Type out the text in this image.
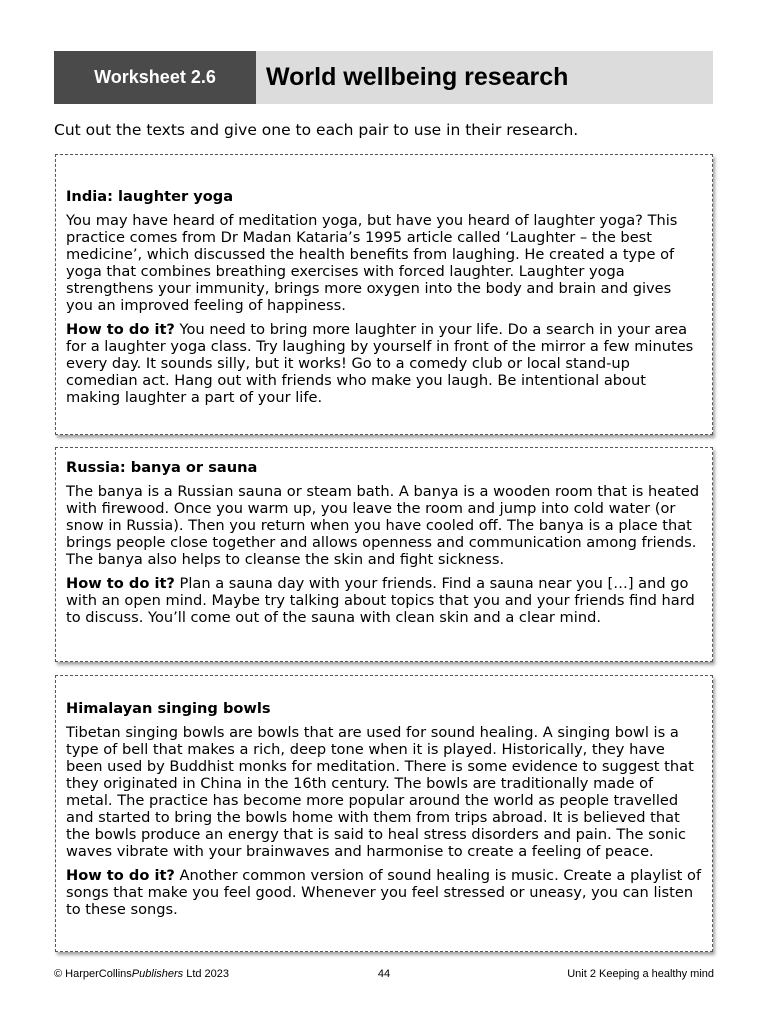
Worksheet 2.6	World wellbeing research
Cut out the texts and give one to each pair to use in their research.
India: laughter yoga

You may have heard of meditation yoga, but have you heard of laughter yoga? This practice comes from Dr Madan Kataria’s 1995 article called ‘Laughter – the best medicine’, which discussed the health benefits from laughing. He created a type of yoga that combines breathing exercises with forced laughter. Laughter yoga strengthens your immunity, brings more oxygen into the body and brain and gives you an improved feeling of happiness.

How to do it? You need to bring more laughter in your life. Do a search in your area for a laughter yoga class. Try laughing by yourself in front of the mirror a few minutes every day. It sounds silly, but it works! Go to a comedy club or local stand-up comedian act. Hang out with friends who make you laugh. Be intentional about making laughter a part of your life.

Russia: banya or sauna

The banya is a Russian sauna or steam bath. A banya is a wooden room that is heated with firewood. Once you warm up, you leave the room and jump into cold water (or snow in Russia). Then you return when you have cooled off. The banya is a place that brings people close together and allows openness and communication among friends. The banya also helps to cleanse the skin and fight sickness.

How to do it? Plan a sauna day with your friends. Find a sauna near you […] and go with an open mind. Maybe try talking about topics that you and your friends find hard to discuss. You’ll come out of the sauna with clean skin and a clear mind.

Himalayan singing bowls

Tibetan singing bowls are bowls that are used for sound healing. A singing bowl is a type of bell that makes a rich, deep tone when it is played. Historically, they have been used by Buddhist monks for meditation. There is some evidence to suggest that they originated in China in the 16th century. The bowls are traditionally made of metal. The practice has become more popular around the world as people travelled and started to bring the bowls home with them from trips abroad. It is believed that the bowls produce an energy that is said to heal stress disorders and pain. The sonic waves vibrate with your brainwaves and harmonise to create a feeling of peace.

How to do it? Another common version of sound healing is music. Create a playlist of songs that make you feel good. Whenever you feel stressed or uneasy, you can listen to these songs.

© HarperCollinsPublishers Ltd 2023	44	Unit 2 Keeping a healthy mind
